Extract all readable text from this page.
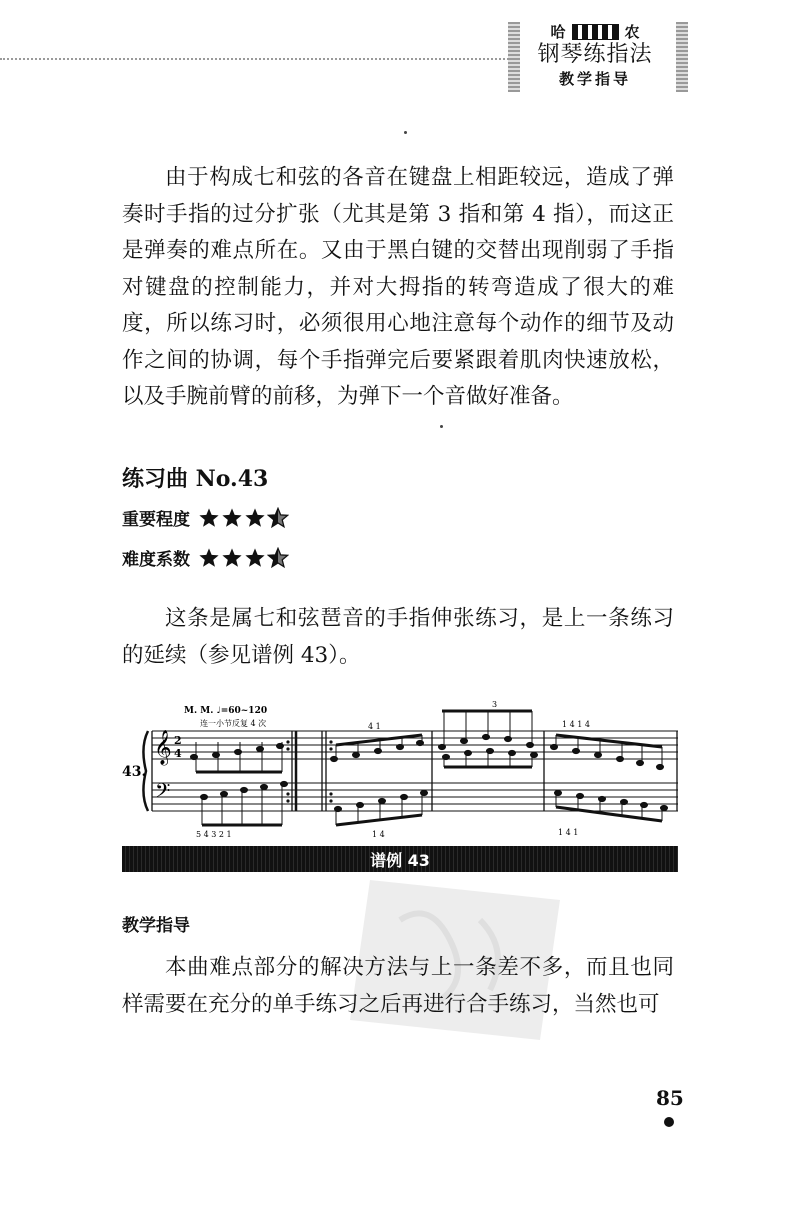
哈	农
钢琴练指法
教学指导

由于构成七和弦的各音在键盘上相距较远，造成了弹奏时手指的过分扩张（尤其是第 3 指和第 4 指），而这正是弹奏的难点所在。又由于黑白键的交替出现削弱了手指对键盘的控制能力，并对大拇指的转弯造成了很大的难度，所以练习时，必须很用心地注意每个动作的细节及动作之间的协调，每个手指弹完后要紧跟着肌肉快速放松，以及手腕前臂的前移，为弹下一个音做好准备。

练习曲 No.43
重要程度
难度系数

这条是属七和弦琶音的手指伸张练习，是上一条练习的延续（参见谱例 43）。

𝄞
𝄢
2
4
43.
M. M. ♩=60~120
连一小节反复 4 次
5 4 3 2 1
4 1
1 4
3
1 4 1 4
1 4 1
谱例 43
教学指导

本曲难点部分的解决方法与上一条差不多，而且也同样需要在充分的单手练习之后再进行合手练习，当然也可

85
